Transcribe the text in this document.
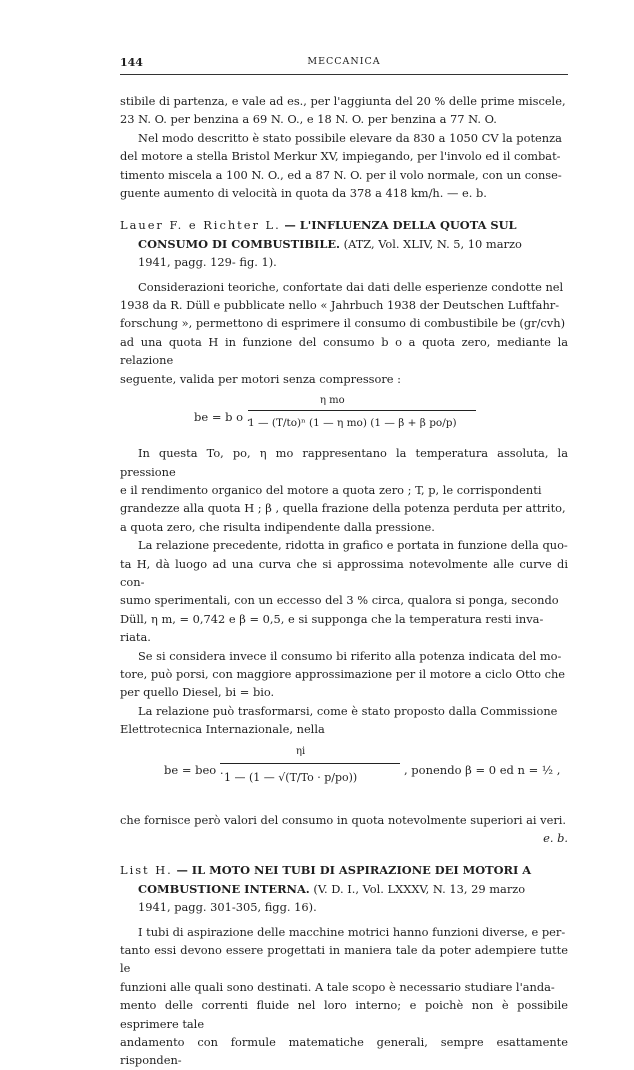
144	MECCANICA

stibile di partenza, e vale ad es., per l'aggiunta del 20 % delle prime miscele,

23 N. O. per benzina a 69 N. O., e 18 N. O. per benzina a 77 N. O.

Nel modo descritto è stato possibile elevare da 830 a 1050 CV la potenza

del motore a stella Bristol Merkur XV, impiegando, per l'involo ed il combat-

timento miscela a 100 N. O., ed a 87 N. O. per il volo normale, con un conse-

guente aumento di velocità in quota da 378 a 418 km/h. — e. b.

Lauer F. e Richter L. — L'INFLUENZA DELLA QUOTA SUL

CONSUMO DI COMBUSTIBILE. (ATZ, Vol. XLIV, N. 5, 10 marzo

1941, pagg. 129- fig. 1).

Considerazioni teoriche, confortate dai dati delle esperienze condotte nel

1938 da R. Düll e pubblicate nello « Jahrbuch 1938 der Deutschen Luftfahr-

forschung », permettono di esprimere il consumo di combustibile be (gr/cvh)

ad una quota H in funzione del consumo b o a quota zero, mediante la relazione

seguente, valida per motori senza compressore :

be = b o .
η mo
1 — (T/to)ⁿ (1 — η mo) (1 — β + β po/p)

In questa To, po, η mo rappresentano la temperatura assoluta, la pressione

e il rendimento organico del motore a quota zero ; T, p, le corrispondenti

grandezze alla quota H ; β , quella frazione della potenza perduta per attrito,

a quota zero, che risulta indipendente dalla pressione.

La relazione precedente, ridotta in grafico e portata in funzione della quo-

ta H, dà luogo ad una curva che si approssima notevolmente alle curve di con-

sumo sperimentali, con un eccesso del 3 % circa, qualora si ponga, secondo

Düll, η m, = 0,742 e β = 0,5, e si supponga che la temperatura resti inva-

riata.

Se si considera invece il consumo bi riferito alla potenza indicata del mo-

tore, può porsi, con maggiore approssimazione per il motore a ciclo Otto che

per quello Diesel, bi = bio.

La relazione può trasformarsi, come è stato proposto dalla Commissione

Elettrotecnica Internazionale, nella

be = beo .
ηi
1 — (1 — √(T/To · p/po))
, ponendo β = 0 ed n = ½ ,

che fornisce però valori del consumo in quota notevolmente superiori ai veri.

e. b.

List H. — IL MOTO NEI TUBI DI ASPIRAZIONE DEI MOTORI A

COMBUSTIONE INTERNA. (V. D. I., Vol. LXXXV, N. 13, 29 marzo

1941, pagg. 301-305, figg. 16).

I tubi di aspirazione delle macchine motrici hanno funzioni diverse, e per-

tanto essi devono essere progettati in maniera tale da poter adempiere tutte le

funzioni alle quali sono destinati. A tale scopo è necessario studiare l'anda-

mento delle correnti fluide nel loro interno; e poichè non è possibile esprimere tale

andamento con formule matematiche generali, sempre esattamente risponden-
